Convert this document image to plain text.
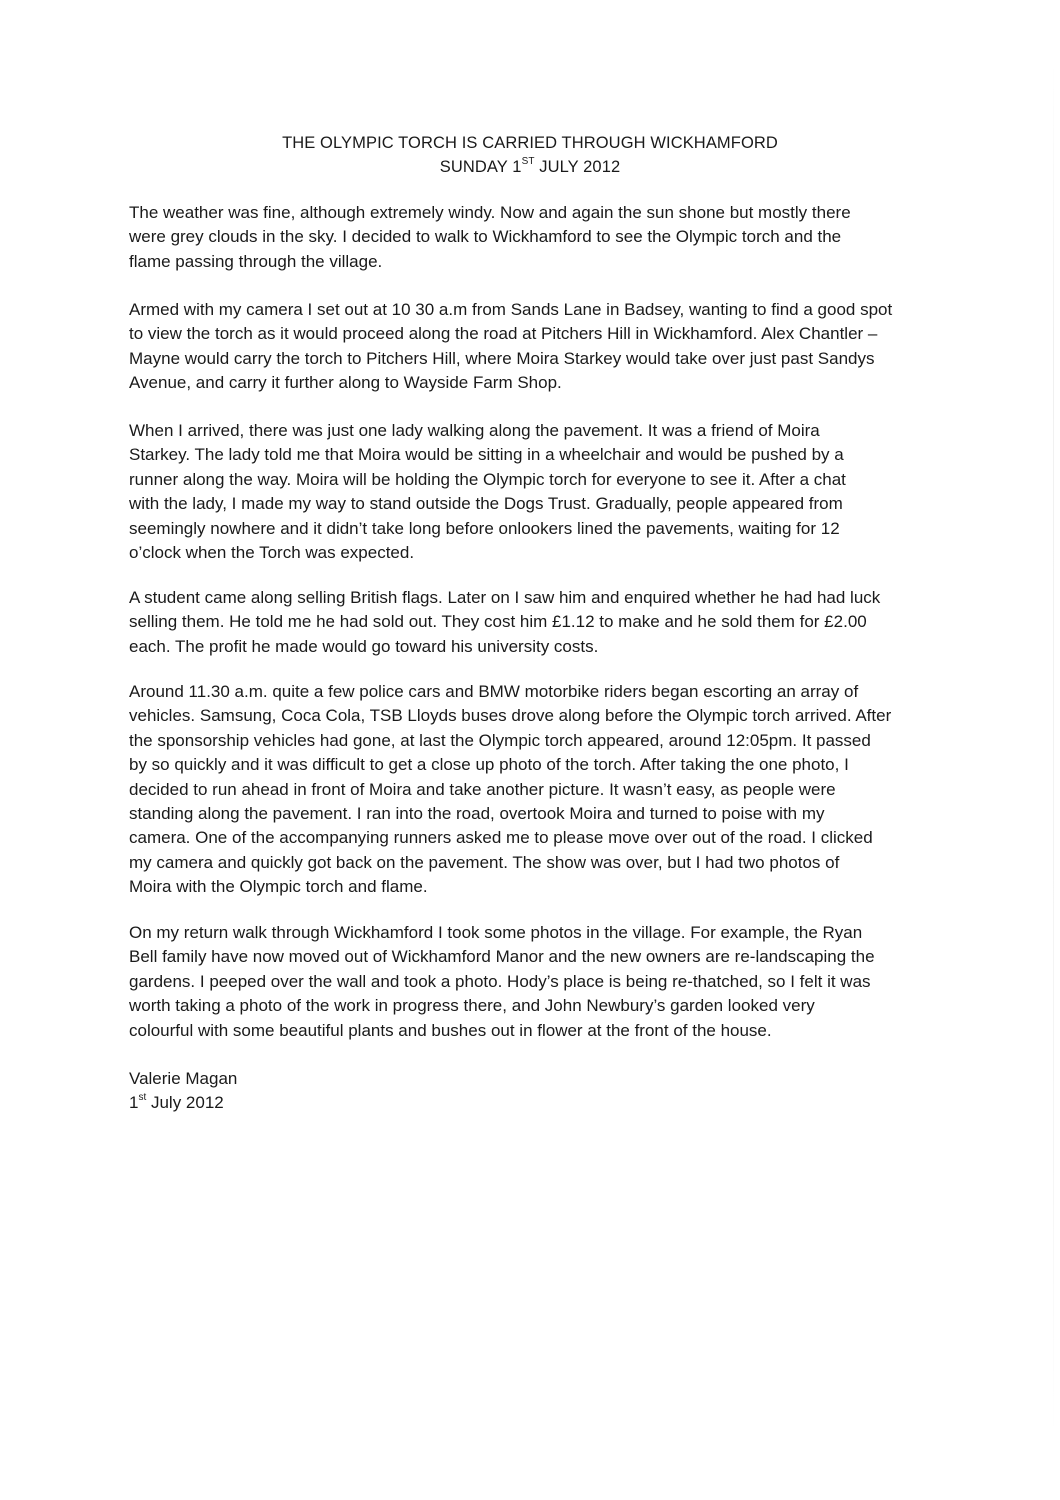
THE OLYMPIC TORCH IS CARRIED THROUGH WICKHAMFORD
SUNDAY 1ST JULY 2012

The weather was fine, although extremely windy. Now and again the sun shone but mostly there
were grey clouds in the sky. I decided to walk to Wickhamford to see the Olympic torch and the
flame passing through the village.

Armed with my camera I set out at 10 30 a.m from Sands Lane in Badsey, wanting to find a good spot
to view the torch as it would proceed along the road at Pitchers Hill in Wickhamford. Alex Chantler –
Mayne would carry the torch to Pitchers Hill, where Moira Starkey would take over just past Sandys
Avenue, and carry it further along to Wayside Farm Shop.

When I arrived, there was just one lady walking along the pavement. It was a friend of Moira
Starkey. The lady told me that Moira would be sitting in a wheelchair and would be pushed by a
runner along the way. Moira will be holding the Olympic torch for everyone to see it. After a chat
with the lady, I made my way to stand outside the Dogs Trust. Gradually, people appeared from
seemingly nowhere and it didn’t take long before onlookers lined the pavements, waiting for 12
o’clock when the Torch was expected.

A student came along selling British flags. Later on I saw him and enquired whether he had had luck
selling them. He told me he had sold out. They cost him £1.12 to make and he sold them for £2.00
each. The profit he made would go toward his university costs.

Around 11.30 a.m. quite a few police cars and BMW motorbike riders began escorting an array of
vehicles. Samsung, Coca Cola, TSB Lloyds buses drove along before the Olympic torch arrived. After
the sponsorship vehicles had gone, at last the Olympic torch appeared, around 12:05pm. It passed
by so quickly and it was difficult to get a close up photo of the torch. After taking the one photo, I
decided to run ahead in front of Moira and take another picture. It wasn’t easy, as people were
standing along the pavement. I ran into the road, overtook Moira and turned to poise with my
camera. One of the accompanying runners asked me to please move over out of the road. I clicked
my camera and quickly got back on the pavement. The show was over, but I had two photos of
Moira with the Olympic torch and flame.

On my return walk through Wickhamford I took some photos in the village. For example, the Ryan
Bell family have now moved out of Wickhamford Manor and the new owners are re-landscaping the
gardens. I peeped over the wall and took a photo. Hody’s place is being re-thatched, so I felt it was
worth taking a photo of the work in progress there, and John Newbury’s garden looked very
colourful with some beautiful plants and bushes out in flower at the front of the house.

Valerie Magan
1st July 2012
